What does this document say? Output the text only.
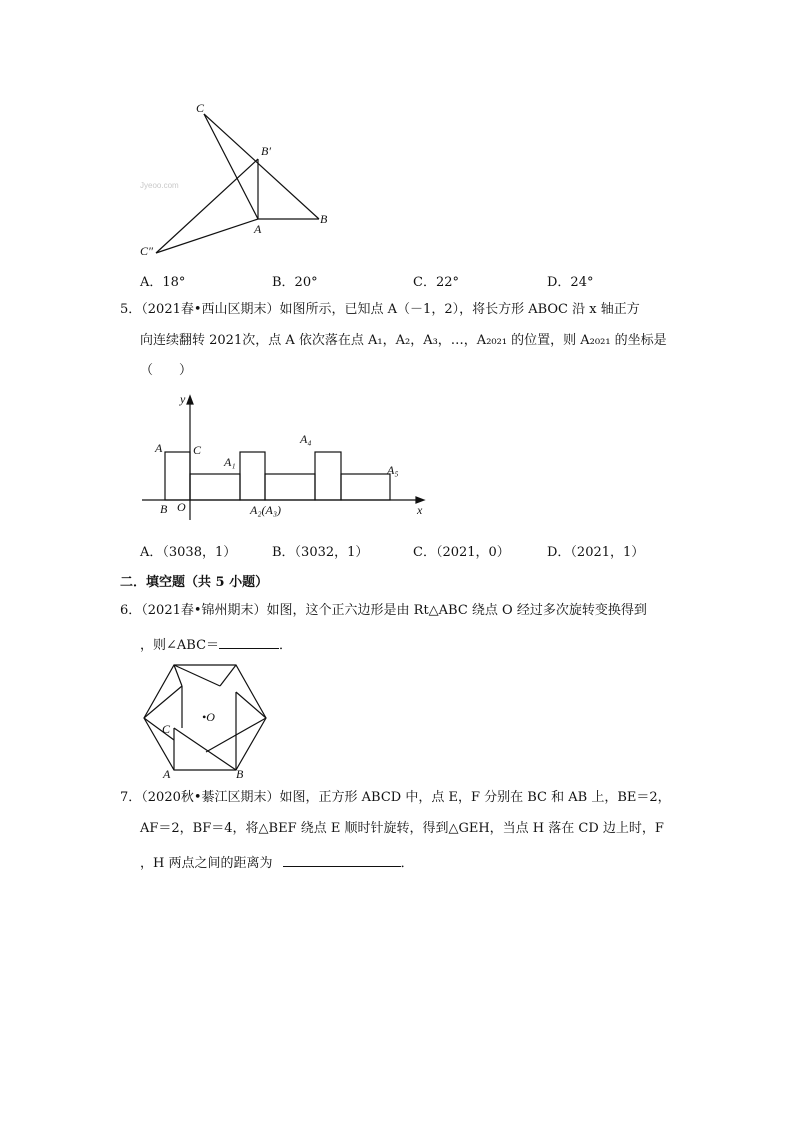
C
B′
A
B
C″
Jyeoo.com
A．18°	B．20°	C．22°	D．24°
5．（2021春•西山区期末）如图所示，已知点 A（－1，2），将长方形 ABOC 沿 x 轴正方
向连续翻转 2021次，点 A 依次落在点 A₁，A₂，A₃，…，A₂₀₂₁ 的位置，则 A₂₀₂₁ 的坐标是
（　　）
y
A	C
A₁
A₄
A₅
B O	A₂(A₃)	x
A．（3038，1）	B．（3032，1）	C．（2021，0）	D．（2021，1）
二．填空题（共 5 小题）
6．（2021春•锦州期末）如图，这个正六边形是由 Rt△ABC 绕点 O 经过多次旋转变换得到
，则∠ABC＝	．
•O
C
A	B
7．（2020秋•綦江区期末）如图，正方形 ABCD 中，点 E，F 分别在 BC 和 AB 上，BE＝2，
AF＝2，BF＝4，将△BEF 绕点 E 顺时针旋转，得到△GEH，当点 H 落在 CD 边上时，F
，H 两点之间的距离为	．
